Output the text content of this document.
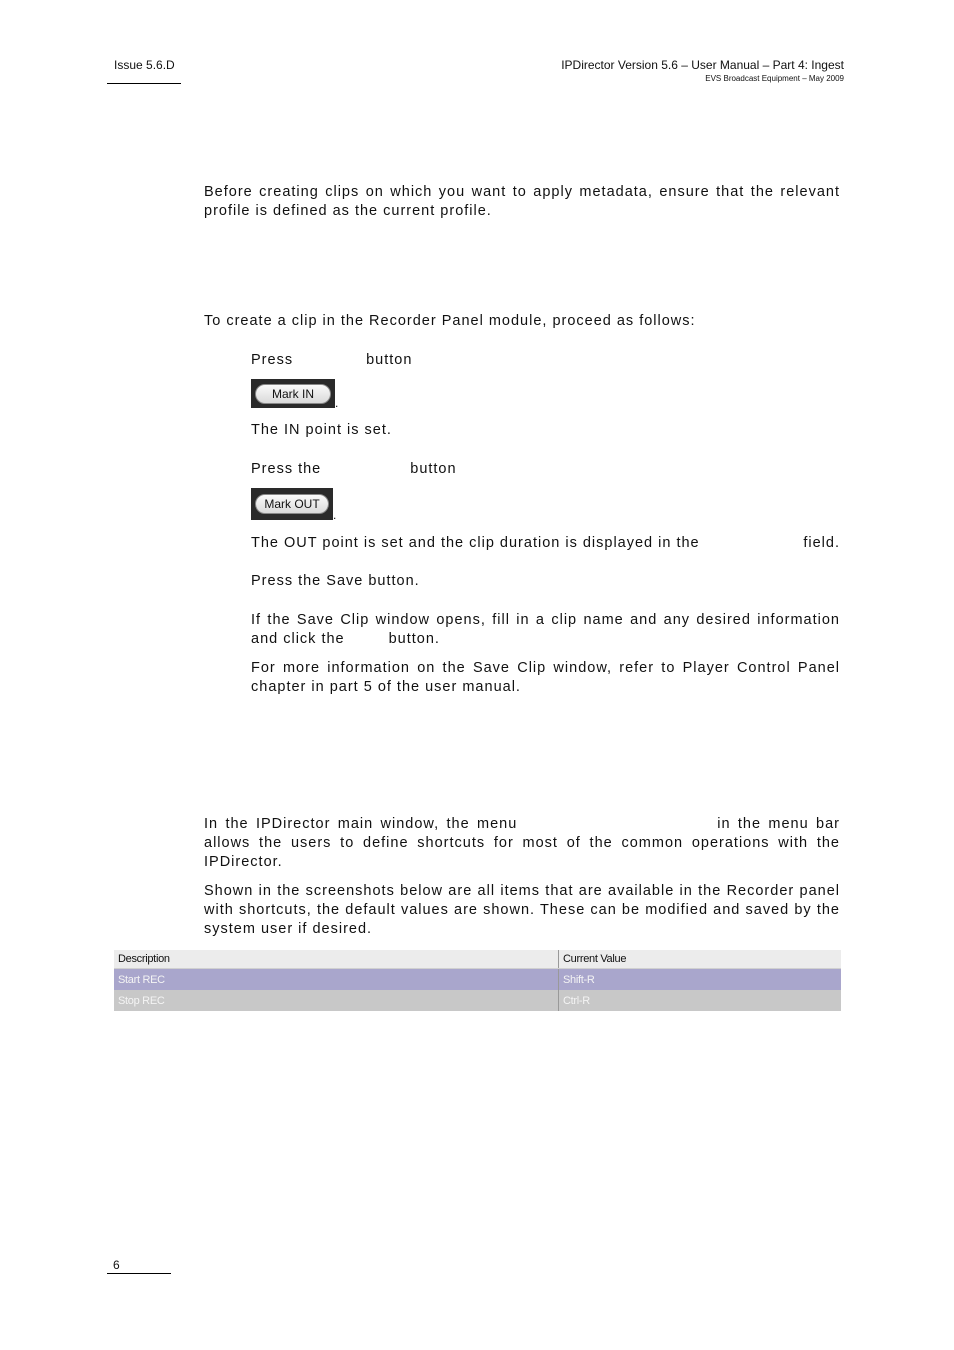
Issue 5.6.D	IPDirector Version 5.6 – User Manual – Part 4: Ingest
EVS Broadcast Equipment – May 2009
Before creating clips on which you want to apply metadata, ensure that the relevant profile is defined as the current profile.
To create a clip in the Recorder Panel module, proceed as follows:
Press	button
Mark IN
.
The IN point is set.
Press the	button
Mark OUT
.
The OUT point is set and the clip duration is displayed in the	field.
Press the Save button.
If the Save Clip window opens, fill in a clip name and any desired information and click the	button.
For more information on the Save Clip window, refer to Player Control Panel chapter in part 5 of the user manual.
In the IPDirector main window, the menu	in the menu bar allows the users to define shortcuts for most of the common operations with the IPDirector.
Shown in the screenshots below are all items that are available in the Recorder panel with shortcuts, the default values are shown. These can be modified and saved by the system user if desired.
Description	Current Value
Start REC	Shift-R
Stop REC	Ctrl-R
6
